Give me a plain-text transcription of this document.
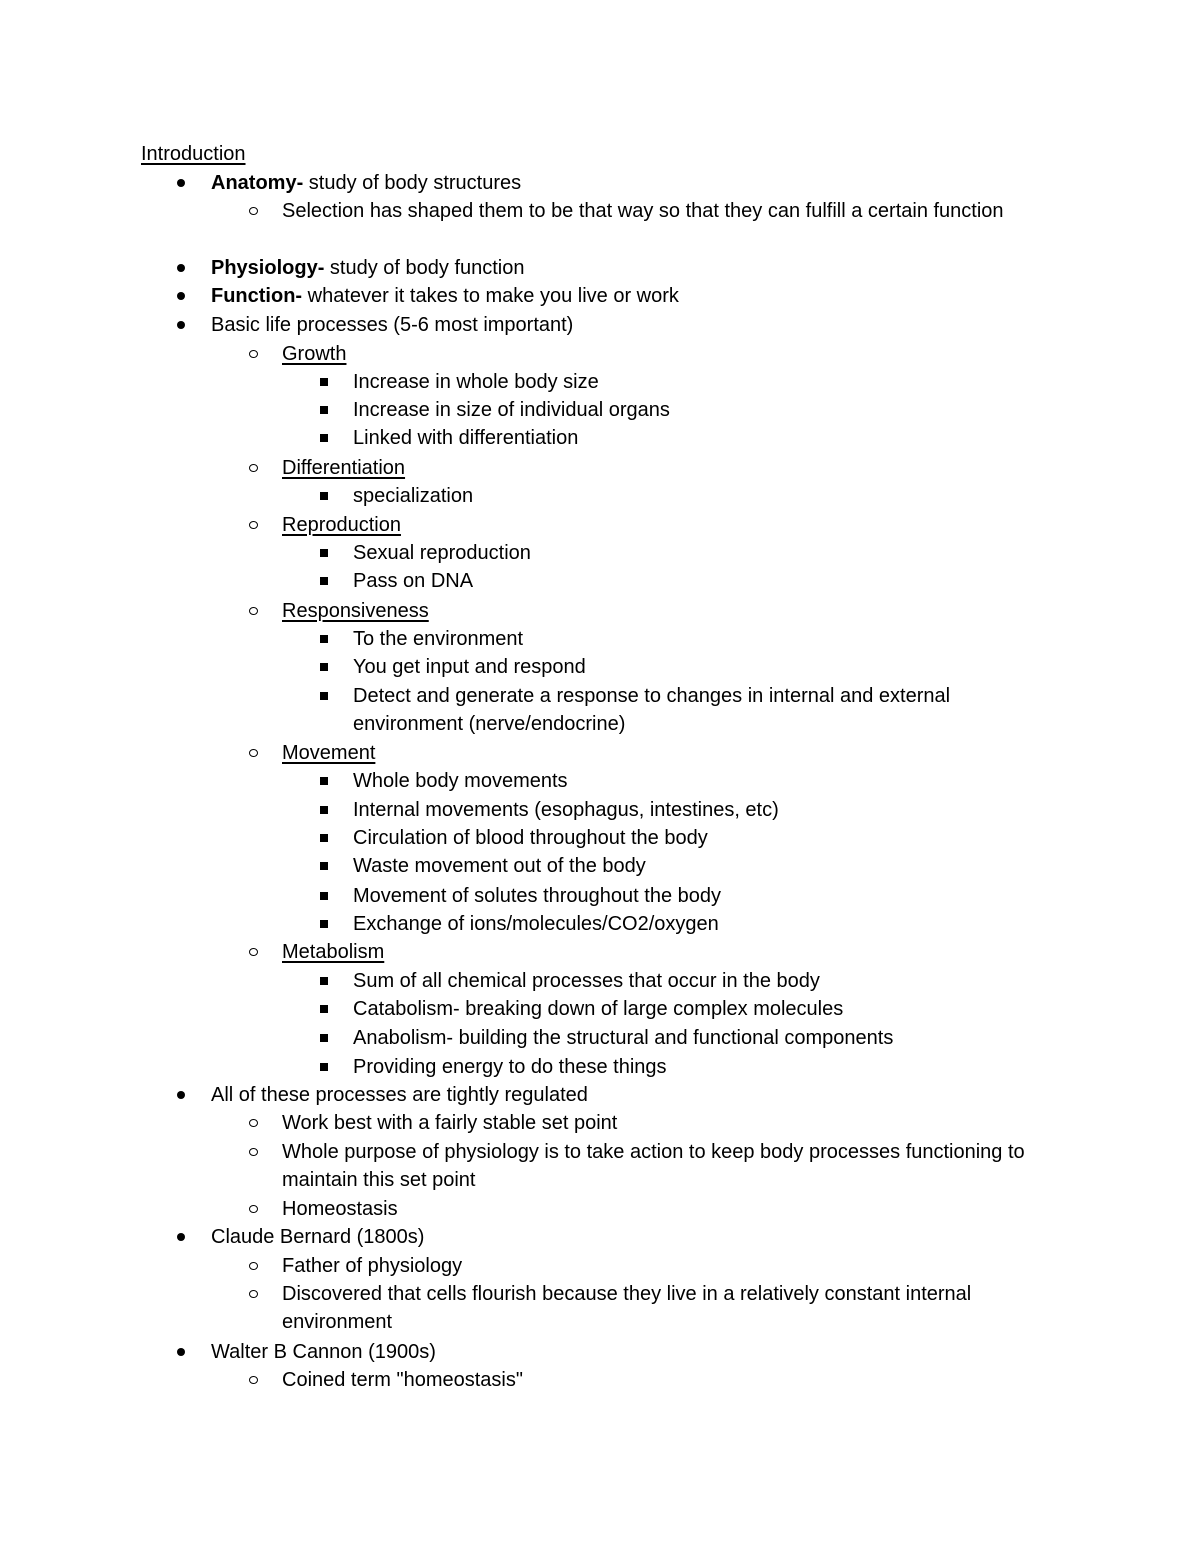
Introduction
Anatomy- study of body structures
Selection has shaped them to be that way so that they can fulfill a certain function
Physiology- study of body function
Function- whatever it takes to make you live or work
Basic life processes (5-6 most important)
Growth
Increase in whole body size
Increase in size of individual organs
Linked with differentiation
Differentiation
specialization
Reproduction
Sexual reproduction
Pass on DNA
Responsiveness
To the environment
You get input and respond
Detect and generate a response to changes in internal and external environment (nerve/endocrine)
Movement
Whole body movements
Internal movements (esophagus, intestines, etc)
Circulation of blood throughout the body
Waste movement out of the body
Movement of solutes throughout the body
Exchange of ions/molecules/CO2/oxygen
Metabolism
Sum of all chemical processes that occur in the body
Catabolism- breaking down of large complex molecules
Anabolism- building the structural and functional components
Providing energy to do these things
All of these processes are tightly regulated
Work best with a fairly stable set point
Whole purpose of physiology is to take action to keep body processes functioning to maintain this set point
Homeostasis
Claude Bernard (1800s)
Father of physiology
Discovered that cells flourish because they live in a relatively constant internal environment
Walter B Cannon (1900s)
Coined term "homeostasis"
